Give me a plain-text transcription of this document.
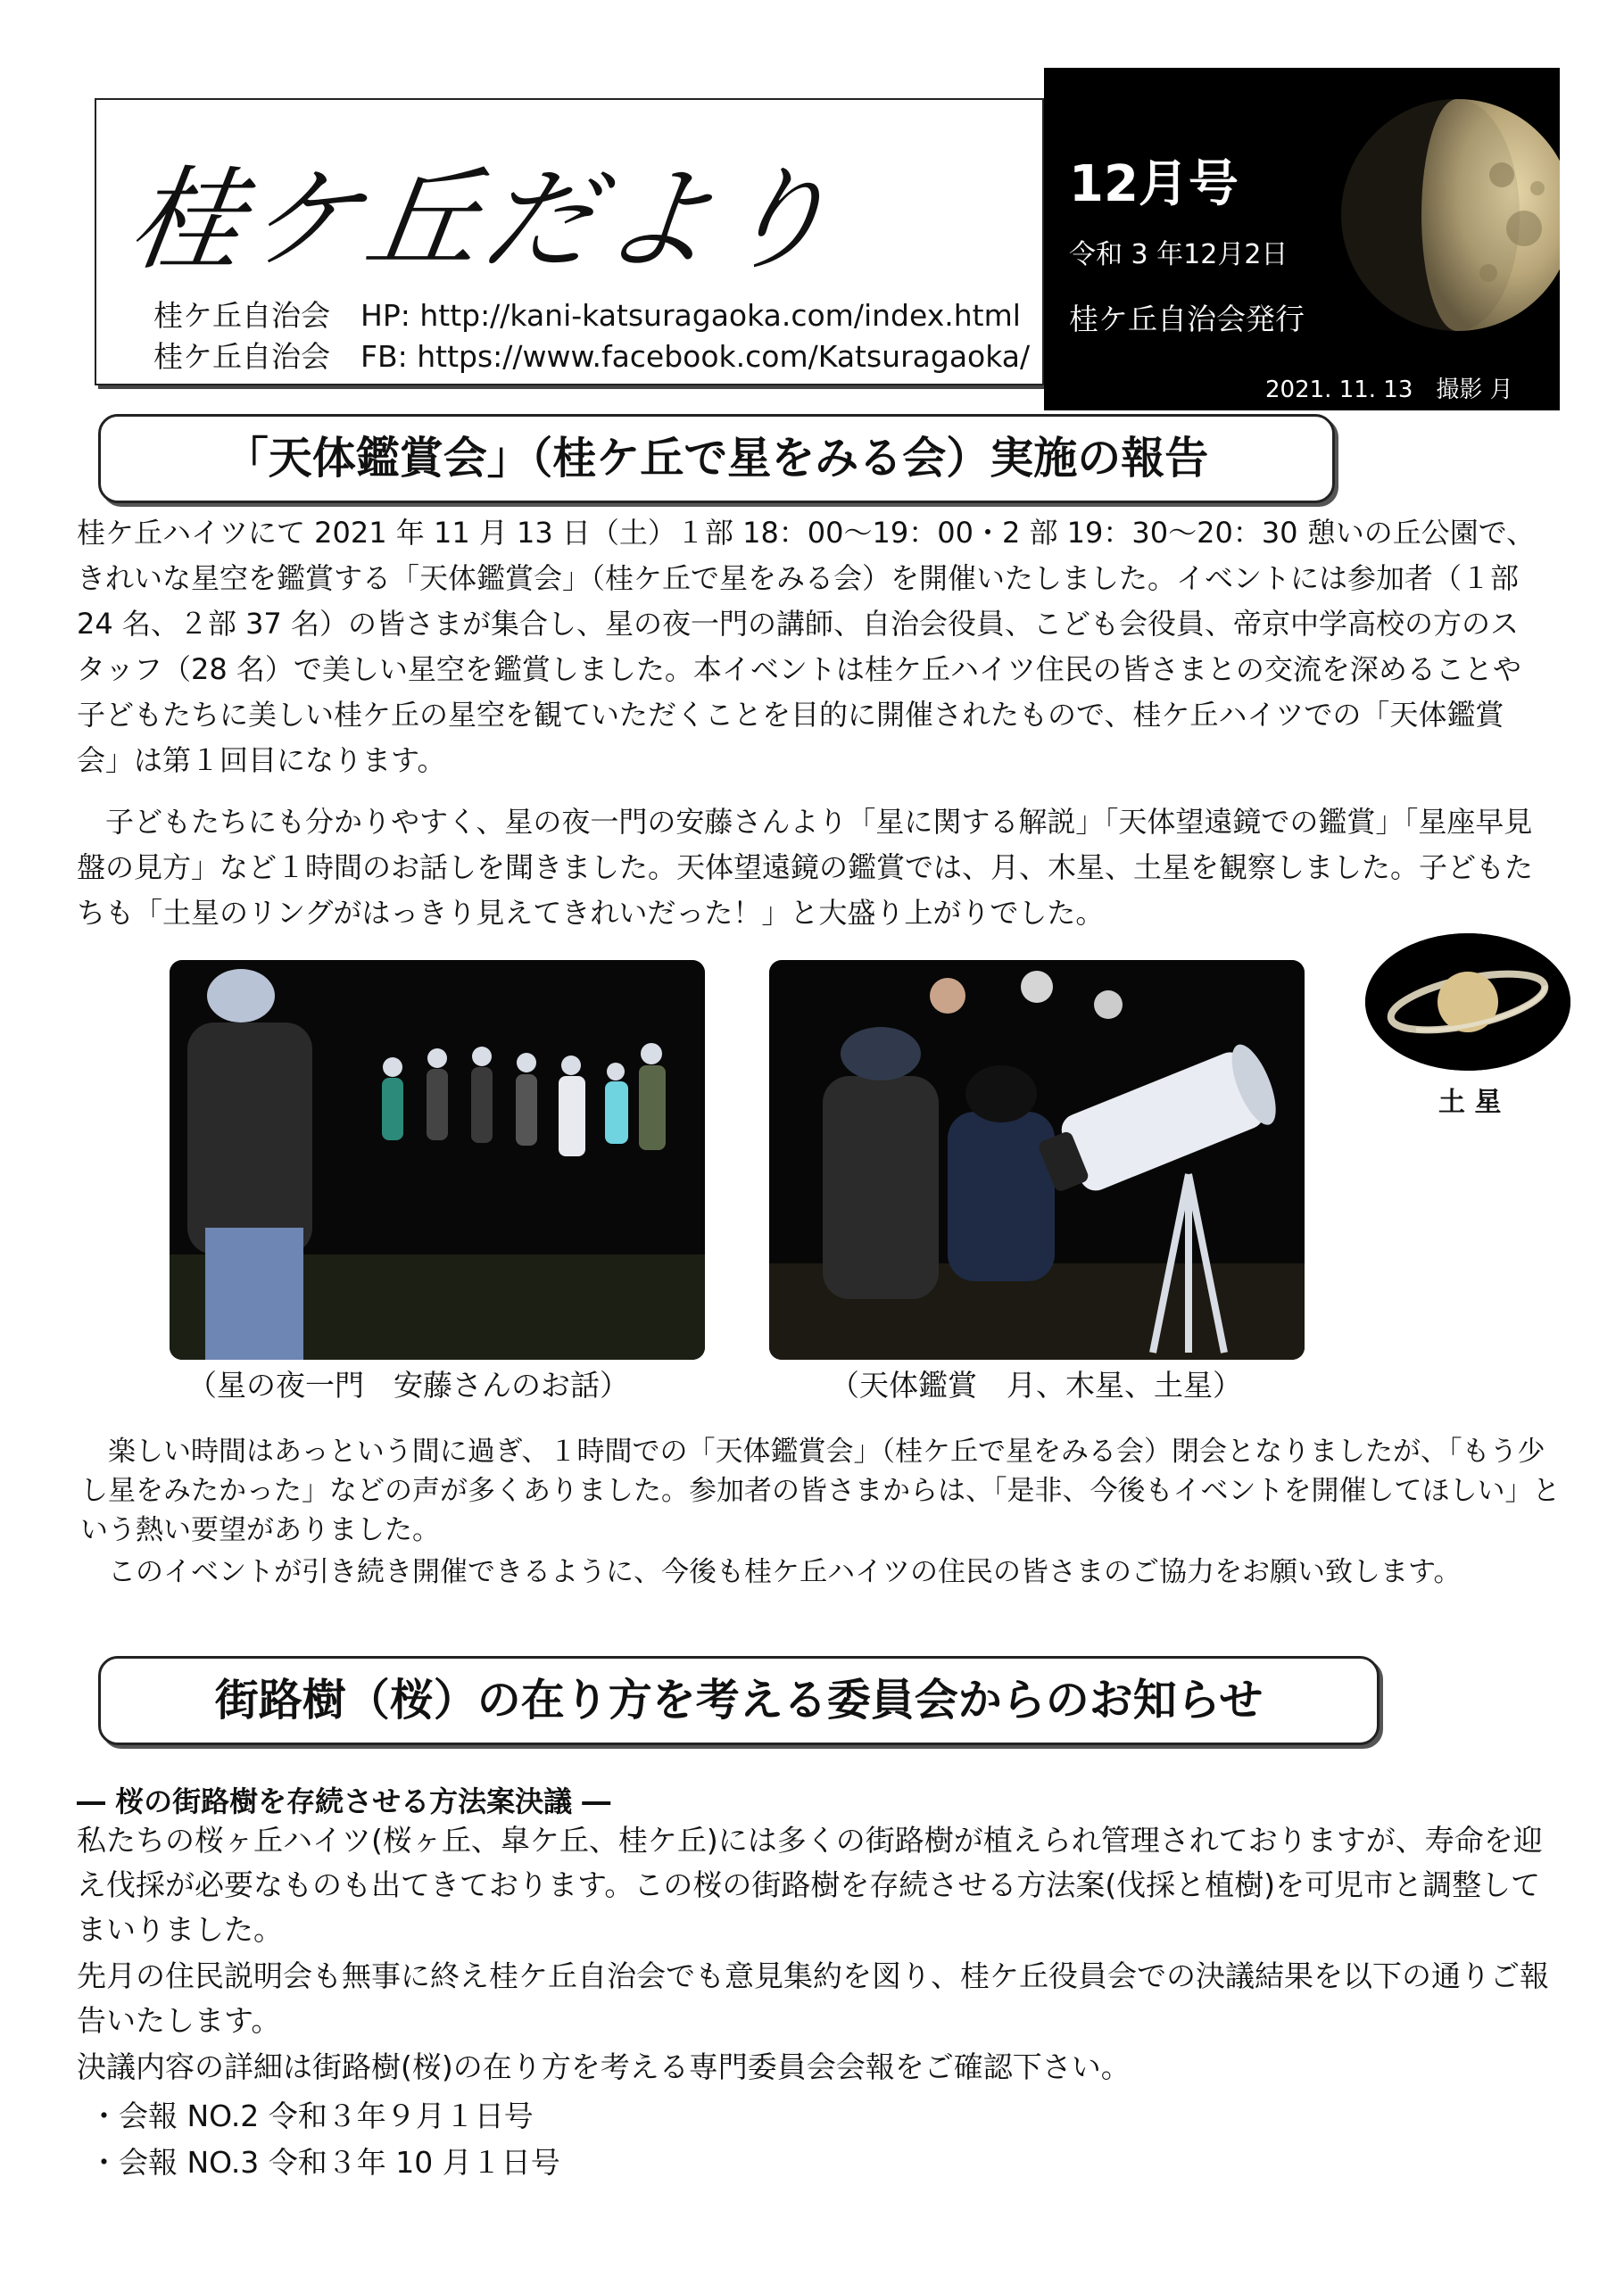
桂ケ丘だより
桂ケ丘自治会 HP: http://kani-katsuragaoka.com/index.html
桂ケ丘自治会 FB: https://www.facebook.com/Katsuragaoka/
12月号
令和 3 年12月2日
桂ケ丘自治会発行
2021. 11. 13　撮影 月
「天体鑑賞会」（桂ケ丘で星をみる会）実施の報告
桂ケ丘ハイツにて 2021 年 11 月 13 日（土）１部 18：00〜19：00・2 部 19：30〜20：30 憩いの丘公園で、きれいな星空を鑑賞する「天体鑑賞会」（桂ケ丘で星をみる会）を開催いたしました。イベントには参加者（１部 24 名、２部 37 名）の皆さまが集合し、星の夜一門の講師、自治会役員、こども会役員、帝京中学高校の方のスタッフ（28 名）で美しい星空を鑑賞しました。本イベントは桂ケ丘ハイツ住民の皆さまとの交流を深めることや子どもたちに美しい桂ケ丘の星空を観ていただくことを目的に開催されたもので、桂ケ丘ハイツでの「天体鑑賞会」は第１回目になります。
子どもたちにも分かりやすく、星の夜一門の安藤さんより「星に関する解説」「天体望遠鏡での鑑賞」「星座早見盤の見方」など１時間のお話しを聞きました。天体望遠鏡の鑑賞では、月、木星、土星を観察しました。子どもたちも「土星のリングがはっきり見えてきれいだった！」と大盛り上がりでした。
（星の夜一門　安藤さんのお話）	（天体鑑賞　月、木星、土星）
土 星
楽しい時間はあっという間に過ぎ、１時間での「天体鑑賞会」（桂ケ丘で星をみる会）閉会となりましたが、「もう少し星をみたかった」などの声が多くありました。参加者の皆さまからは、「是非、今後もイベントを開催してほしい」という熱い要望がありました。
このイベントが引き続き開催できるように、今後も桂ケ丘ハイツの住民の皆さまのご協力をお願い致します。
街路樹（桜）の在り方を考える委員会からのお知らせ
― 桜の街路樹を存続させる方法案決議 ―
私たちの桜ヶ丘ハイツ(桜ヶ丘、皐ケ丘、桂ケ丘)には多くの街路樹が植えられ管理されておりますが、寿命を迎え伐採が必要なものも出てきております。この桜の街路樹を存続させる方法案(伐採と植樹)を可児市と調整してまいりました。
先月の住民説明会も無事に終え桂ケ丘自治会でも意見集約を図り、桂ケ丘役員会での決議結果を以下の通りご報告いたします。
決議内容の詳細は街路樹(桜)の在り方を考える専門委員会会報をご確認下さい。
・ 会報 NO.2 令和３年９月１日号
・ 会報 NO.3 令和３年 10 月１日号
